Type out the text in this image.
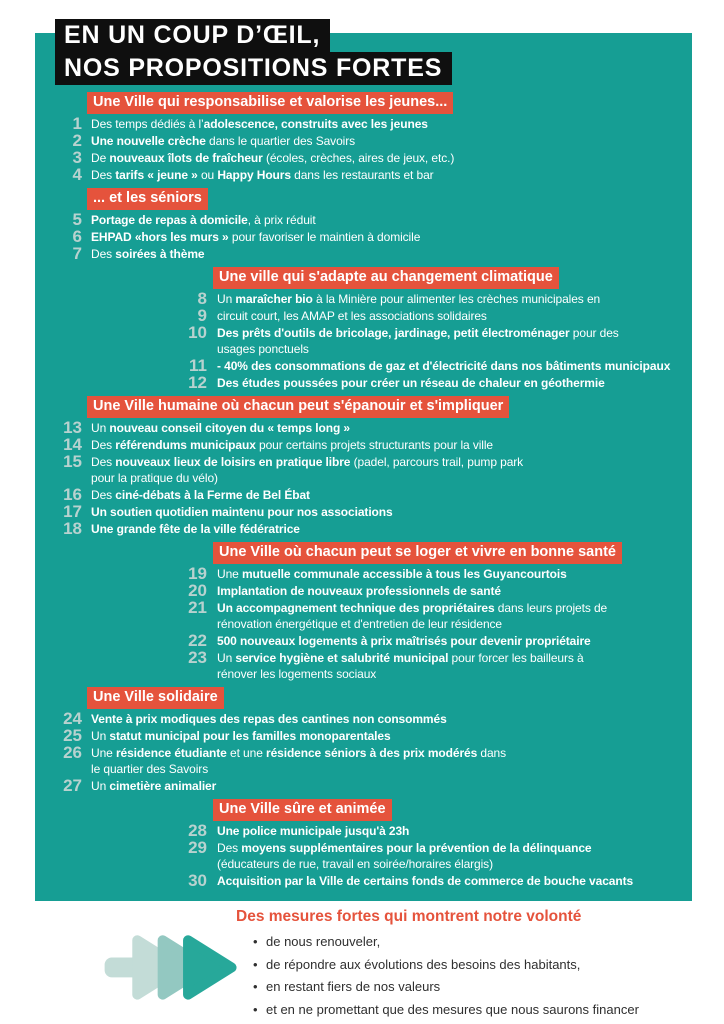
Une Ville qui responsabilise et valorise les jeunes...
1 Des temps dédiés à l’adolescence, construits avec les jeunes
2 Une nouvelle crèche dans le quartier des Savoirs
3 De nouveaux îlots de fraîcheur (écoles, crèches, aires de jeux, etc.)
4 Des tarifs « jeune » ou Happy Hours dans les restaurants et bar
... et les séniors
5 Portage de repas à domicile, à prix réduit
6 EHPAD «hors les murs » pour favoriser le maintien à domicile
7 Des soirées à thème
Une ville qui s'adapte au changement climatique
8 Un maraîcher bio à la Minière pour alimenter les crèches municipales en
9 circuit court, les AMAP et les associations solidaires
10 Des prêts d'outils de bricolage, jardinage, petit électroménager pour des
usages ponctuels
11 - 40% des consommations de gaz et d'électricité dans nos bâtiments municipaux
12 Des études poussées pour créer un réseau de chaleur en géothermie
Une Ville humaine où chacun peut s'épanouir et s'impliquer
13 Un nouveau conseil citoyen du « temps long »
14 Des référendums municipaux pour certains projets structurants pour la ville
15 Des nouveaux lieux de loisirs en pratique libre (padel, parcours trail, pump park
pour la pratique du vélo)
16 Des ciné-débats à la Ferme de Bel Ébat
17 Un soutien quotidien maintenu pour nos associations
18 Une grande fête de la ville fédératrice
Une Ville où chacun peut se loger et vivre en bonne santé
19 Une mutuelle communale accessible à tous les Guyancourtois
20 Implantation de nouveaux professionnels de santé
21 Un accompagnement technique des propriétaires dans leurs projets de
rénovation énergétique et d'entretien de leur résidence
22 500 nouveaux logements à prix maîtrisés pour devenir propriétaire
23 Un service hygiène et salubrité municipal pour forcer les bailleurs à
rénover les logements sociaux
Une Ville solidaire
24 Vente à prix modiques des repas des cantines non consommés
25 Un statut municipal pour les familles monoparentales
26 Une résidence étudiante et une résidence séniors à des prix modérés dans
le quartier des Savoirs
27 Un cimetière animalier
Une Ville sûre et animée
28 Une police municipale jusqu'à 23h
29 Des moyens supplémentaires pour la prévention de la délinquance
(éducateurs de rue, travail en soirée/horaires élargis)
30 Acquisition par la Ville de certains fonds de commerce de bouche vacants
EN UN COUP D’ŒIL,
NOS PROPOSITIONS FORTES
Des mesures fortes qui montrent notre volonté
• de nous renouveler,
• de répondre aux évolutions des besoins des habitants,
• en restant fiers de nos valeurs
• et en ne promettant que des mesures que nous saurons financer
